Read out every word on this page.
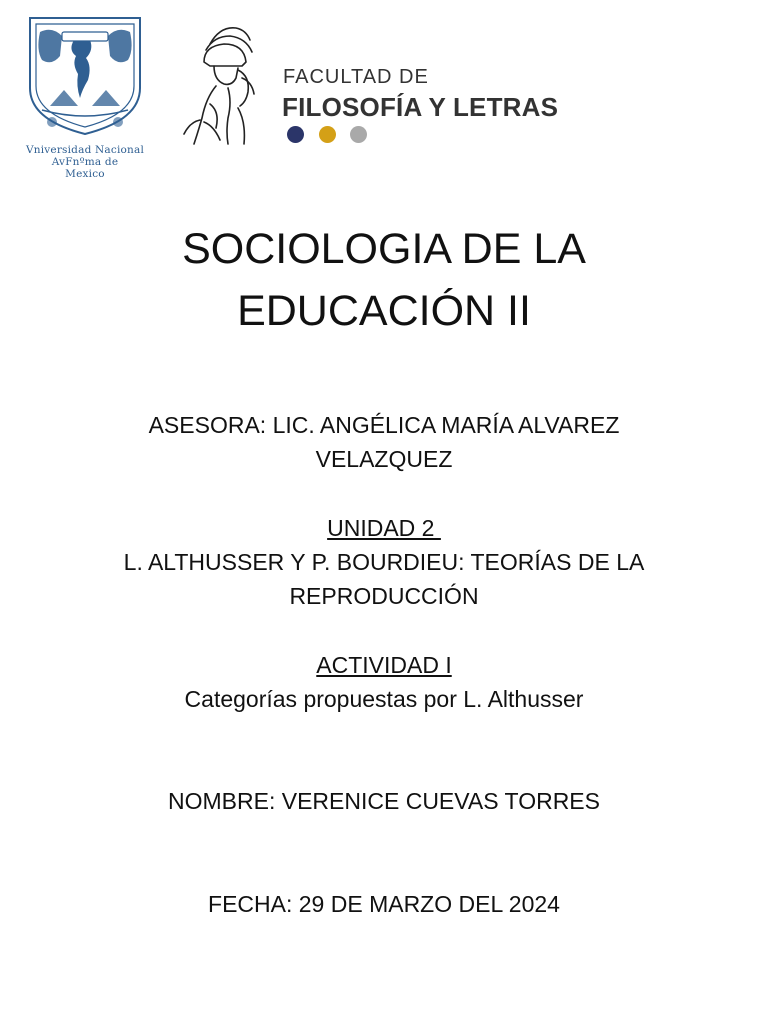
Vniversidad Nacional
AvFnºma de
Mexico
FACULTAD DE
FILOSOFÍA Y LETRAS
SOCIOLOGIA DE LA
EDUCACIÓN II
ASESORA: LIC. ANGÉLICA MARÍA ALVAREZ
VELAZQUEZ
UNIDAD 2
L. ALTHUSSER Y P. BOURDIEU: TEORÍAS DE LA
REPRODUCCIÓN
ACTIVIDAD I
Categorías propuestas por L. Althusser
NOMBRE: VERENICE CUEVAS TORRES
FECHA: 29 DE MARZO DEL 2024
